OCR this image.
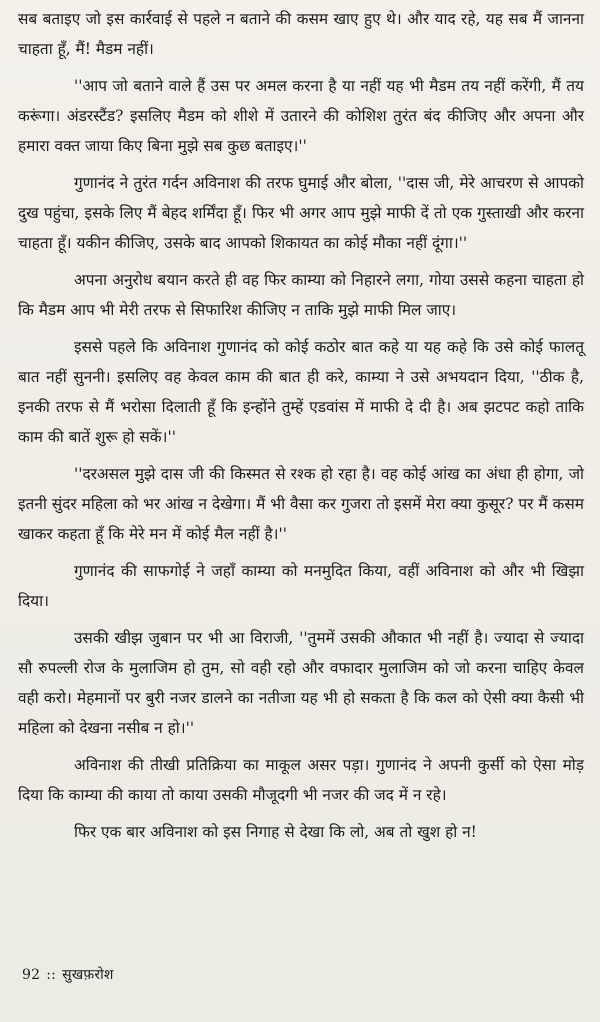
सब बताइए जो इस कार्रवाई से पहले न बताने की कसम खाए हुए थे। और याद रहे, यह सब मैं जानना चाहता हूँ, मैं! मैडम नहीं।

''आप जो बताने वाले हैं उस पर अमल करना है या नहीं यह भी मैडम तय नहीं करेंगी, मैं तय करूंगा। अंडरस्टैंड? इसलिए मैडम को शीशे में उतारने की कोशिश तुरंत बंद कीजिए और अपना और हमारा वक्त जाया किए बिना मुझे सब कुछ बताइए।''

गुणानंद ने तुरंत गर्दन अविनाश की तरफ घुमाई और बोला, ''दास जी, मेरे आचरण से आपको दुख पहुंचा, इसके लिए मैं बेहद शर्मिंदा हूँ। फिर भी अगर आप मुझे माफी दें तो एक गुस्ताखी और करना चाहता हूँ। यकीन कीजिए, उसके बाद आपको शिकायत का कोई मौका नहीं दूंगा।''

अपना अनुरोध बयान करते ही वह फिर काम्या को निहारने लगा, गोया उससे कहना चाहता हो कि मैडम आप भी मेरी तरफ से सिफारिश कीजिए न ताकि मुझे माफी मिल जाए।

इससे पहले कि अविनाश गुणानंद को कोई कठोर बात कहे या यह कहे कि उसे कोई फालतू बात नहीं सुननी। इसलिए वह केवल काम की बात ही करे, काम्या ने उसे अभयदान दिया, ''ठीक है, इनकी तरफ से मैं भरोसा दिलाती हूँ कि इन्होंने तुम्हें एडवांस में माफी दे दी है। अब झटपट कहो ताकि काम की बातें शुरू हो सकें।''

''दरअसल मुझे दास जी की किस्मत से रश्क हो रहा है। वह कोई आंख का अंधा ही होगा, जो इतनी सुंदर महिला को भर आंख न देखेगा। मैं भी वैसा कर गुजरा तो इसमें मेरा क्या कुसूर? पर मैं कसम खाकर कहता हूँ कि मेरे मन में कोई मैल नहीं है।''

गुणानंद की साफगोई ने जहाँ काम्या को मनमुदित किया, वहीं अविनाश को और भी खिझा दिया।

उसकी खीझ जुबान पर भी आ विराजी, ''तुममें उसकी औकात भी नहीं है। ज्यादा से ज्यादा सौ रुपल्ली रोज के मुलाजिम हो तुम, सो वही रहो और वफादार मुलाजिम को जो करना चाहिए केवल वही करो। मेहमानों पर बुरी नजर डालने का नतीजा यह भी हो सकता है कि कल को ऐसी क्या कैसी भी महिला को देखना नसीब न हो।''

अविनाश की तीखी प्रतिक्रिया का माकूल असर पड़ा। गुणानंद ने अपनी कुर्सी को ऐसा मोड़ दिया कि काम्या की काया तो काया उसकी मौजूदगी भी नजर की जद में न रहे।

फिर एक बार अविनाश को इस निगाह से देखा कि लो, अब तो खुश हो न!

92 :: सुखफ़रोश
